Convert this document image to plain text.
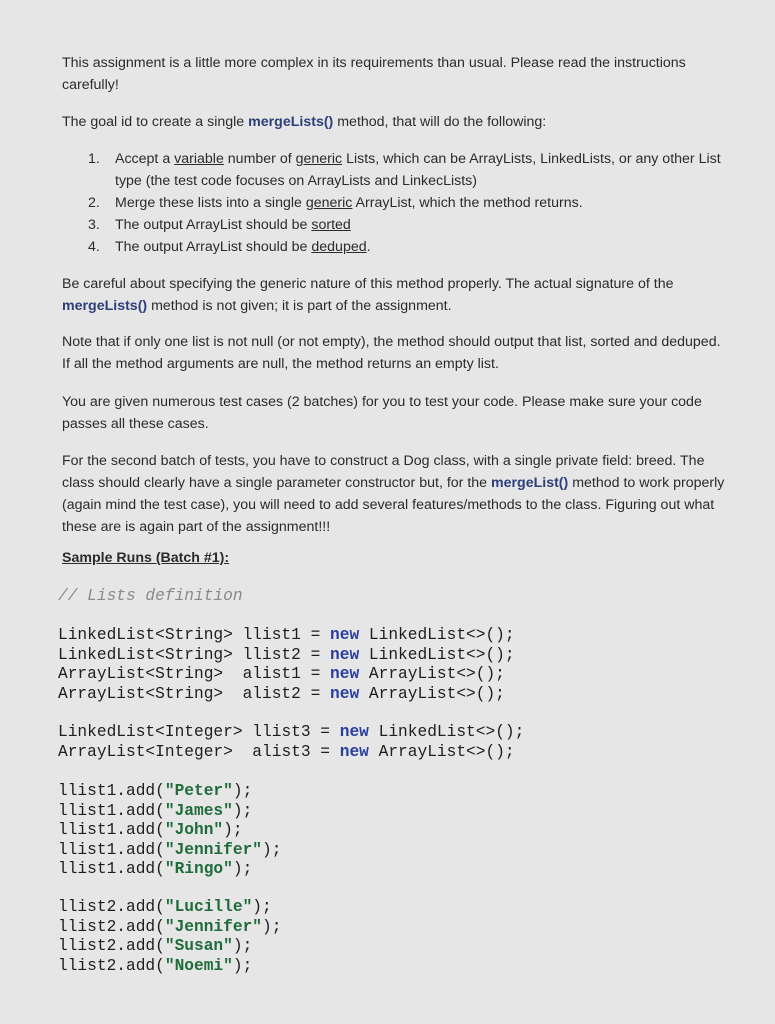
This assignment is a little more complex in its requirements than usual. Please read the instructions carefully!

The goal id to create a single mergeLists() method, that will do the following:

1. Accept a variable number of generic Lists, which can be ArrayLists, LinkedLists, or any other List type (the test code focuses on ArrayLists and LinkecLists)
2. Merge these lists into a single generic ArrayList, which the method returns.
3. The output ArrayList should be sorted
4. The output ArrayList should be deduped.

Be careful about specifying the generic nature of this method properly. The actual signature of the mergeLists() method is not given; it is part of the assignment.

Note that if only one list is not null (or not empty), the method should output that list, sorted and deduped. If all the method arguments are null, the method returns an empty list.

You are given numerous test cases (2 batches) for you to test your code. Please make sure your code passes all these cases.

For the second batch of tests, you have to construct a Dog class, with a single private field: breed. The class should clearly have a single parameter constructor but, for the mergeList() method to work properly (again mind the test case), you will need to add several features/methods to the class. Figuring out what these are is again part of the assignment!!!

Sample Runs (Batch #1):
// Lists definition
LinkedList<String> llist1 = new LinkedList<>();
LinkedList<String> llist2 = new LinkedList<>();
ArrayList<String>  alist1 = new ArrayList<>();
ArrayList<String>  alist2 = new ArrayList<>();
LinkedList<Integer> llist3 = new LinkedList<>();
ArrayList<Integer>  alist3 = new ArrayList<>();
llist1.add("Peter");
llist1.add("James");
llist1.add("John");
llist1.add("Jennifer");
llist1.add("Ringo");
llist2.add("Lucille");
llist2.add("Jennifer");
llist2.add("Susan");
llist2.add("Noemi");
